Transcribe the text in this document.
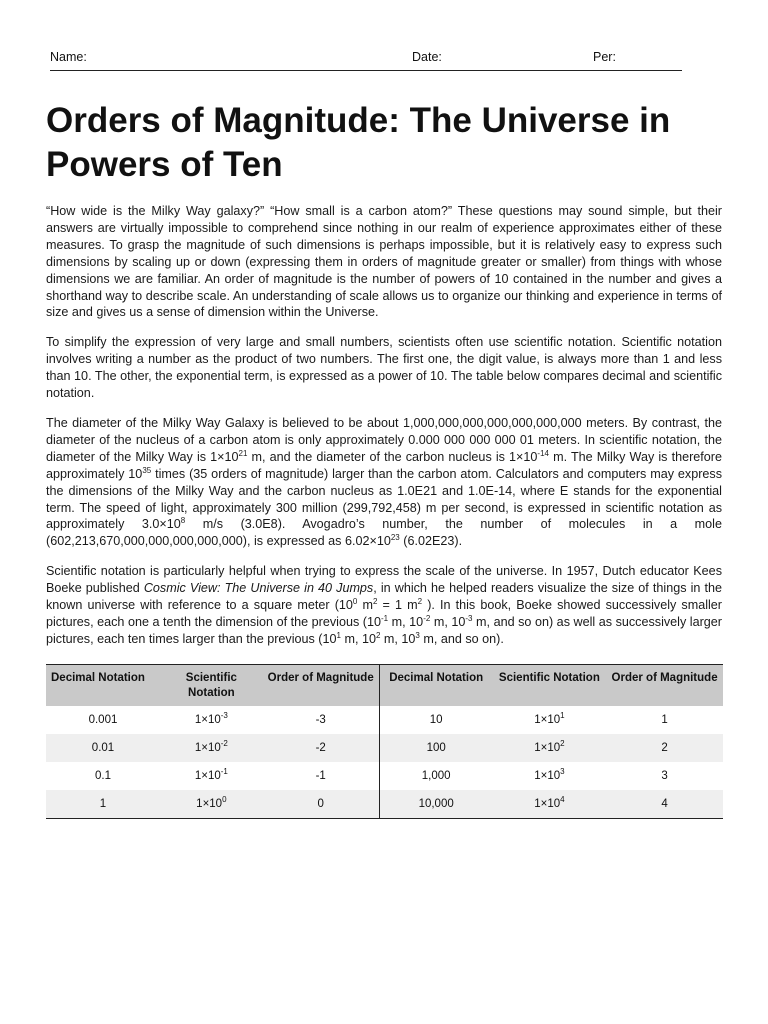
Name:	Date:	Per:
Orders of Magnitude: The Universe in Powers of Ten

“How wide is the Milky Way galaxy?” “How small is a carbon atom?” These questions may sound simple, but their answers are virtually impossible to comprehend since nothing in our realm of experience approximates either of these measures. To grasp the magnitude of such dimensions is perhaps impossible, but it is relatively easy to express such dimensions by scaling up or down (expressing them in orders of magnitude greater or smaller) from things with whose dimensions we are familiar. An order of magnitude is the number of powers of 10 contained in the number and gives a shorthand way to describe scale. An understanding of scale allows us to organize our thinking and experience in terms of size and gives us a sense of dimension within the Universe.

To simplify the expression of very large and small numbers, scientists often use scientific notation. Scientific notation involves writing a number as the product of two numbers. The first one, the digit value, is always more than 1 and less than 10. The other, the exponential term, is expressed as a power of 10. The table below compares decimal and scientific notation.

The diameter of the Milky Way Galaxy is believed to be about 1,000,000,000,000,000,000,000 meters. By contrast, the diameter of the nucleus of a carbon atom is only approximately 0.000 000 000 000 01 meters. In scientific notation, the diameter of the Milky Way is $1\times 10^{21}$ m, and the diameter of the carbon nucleus is $1\times 10^{-14}$ m. The Milky Way is therefore approximately $10^{35}$ times (35 orders of magnitude) larger than the carbon atom. Calculators and computers may express the dimensions of the Milky Way and the carbon nucleus as 1.0E21 and 1.0E-14, where E stands for the exponential term. The speed of light, approximately 300 million (299,792,458) m per second, is expressed in scientific notation as approximately $3.0\times 10^8$ m/s (3.0E8). Avogadro’s number, the number of molecules in a mole (602,213,670,000,000,000,000,000), is expressed as $6.02\times 10^{23}$ (6.02E23).

Scientific notation is particularly helpful when trying to express the scale of the universe. In 1957, Dutch educator Kees Boeke published Cosmic View: The Universe in 40 Jumps, in which he helped readers visualize the size of things in the known universe with reference to a square meter ($10^0$ $m^2 = 1$ $m^2$ ). In this book, Boeke showed successively smaller pictures, each one a tenth the dimension of the previous ($10^{-1}$ m, $10^{-2}$ m, $10^{-3}$ m, and so on) as well as successively larger pictures, each ten times larger than the previous ($10^1$ m, $10^2$ m, $10^3$ m, and so on).

Decimal Notation	Scientific Notation	Order of Magnitude	Decimal Notation	Scientific Notation	Order of Magnitude
0.001	$1\times 10^{-3}$	-3	10	$1\times 10^1$	1
0.01	$1\times 10^{-2}$	-2	100	$1\times 10^2$	2
0.1	$1\times 10^{-1}$	-1	1,000	$1\times 10^3$	3
1	$1\times 10^0$	0	10,000	$1\times 10^4$	4
